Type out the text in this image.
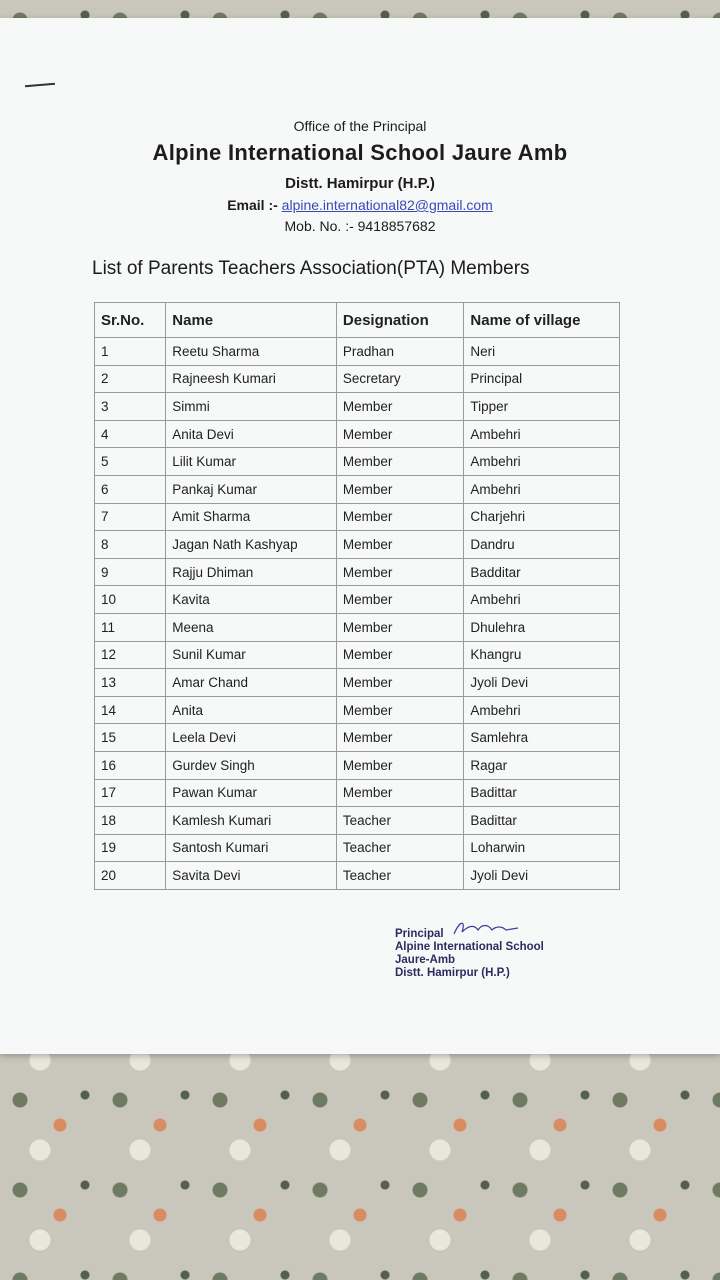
Office of the Principal
Alpine International School Jaure Amb
Distt. Hamirpur (H.P.)
Email :- alpine.international82@gmail.com
Mob. No. :- 9418857682
List of Parents Teachers Association(PTA) Members
Sr.No.	Name	Designation	Name of village
1	Reetu Sharma	Pradhan	Neri
2	Rajneesh Kumari	Secretary	Principal
3	Simmi	Member	Tipper
4	Anita Devi	Member	Ambehri
5	Lilit Kumar	Member	Ambehri
6	Pankaj Kumar	Member	Ambehri
7	Amit Sharma	Member	Charjehri
8	Jagan Nath Kashyap	Member	Dandru
9	Rajju Dhiman	Member	Badditar
10	Kavita	Member	Ambehri
11	Meena	Member	Dhulehra
12	Sunil Kumar	Member	Khangru
13	Amar Chand	Member	Jyoli Devi
14	Anita	Member	Ambehri
15	Leela Devi	Member	Samlehra
16	Gurdev Singh	Member	Ragar
17	Pawan Kumar	Member	Badittar
18	Kamlesh Kumari	Teacher	Badittar
19	Santosh Kumari	Teacher	Loharwin
20	Savita Devi	Teacher	Jyoli Devi
Principal
Alpine International School
Jaure-Amb
Distt. Hamirpur (H.P.)
